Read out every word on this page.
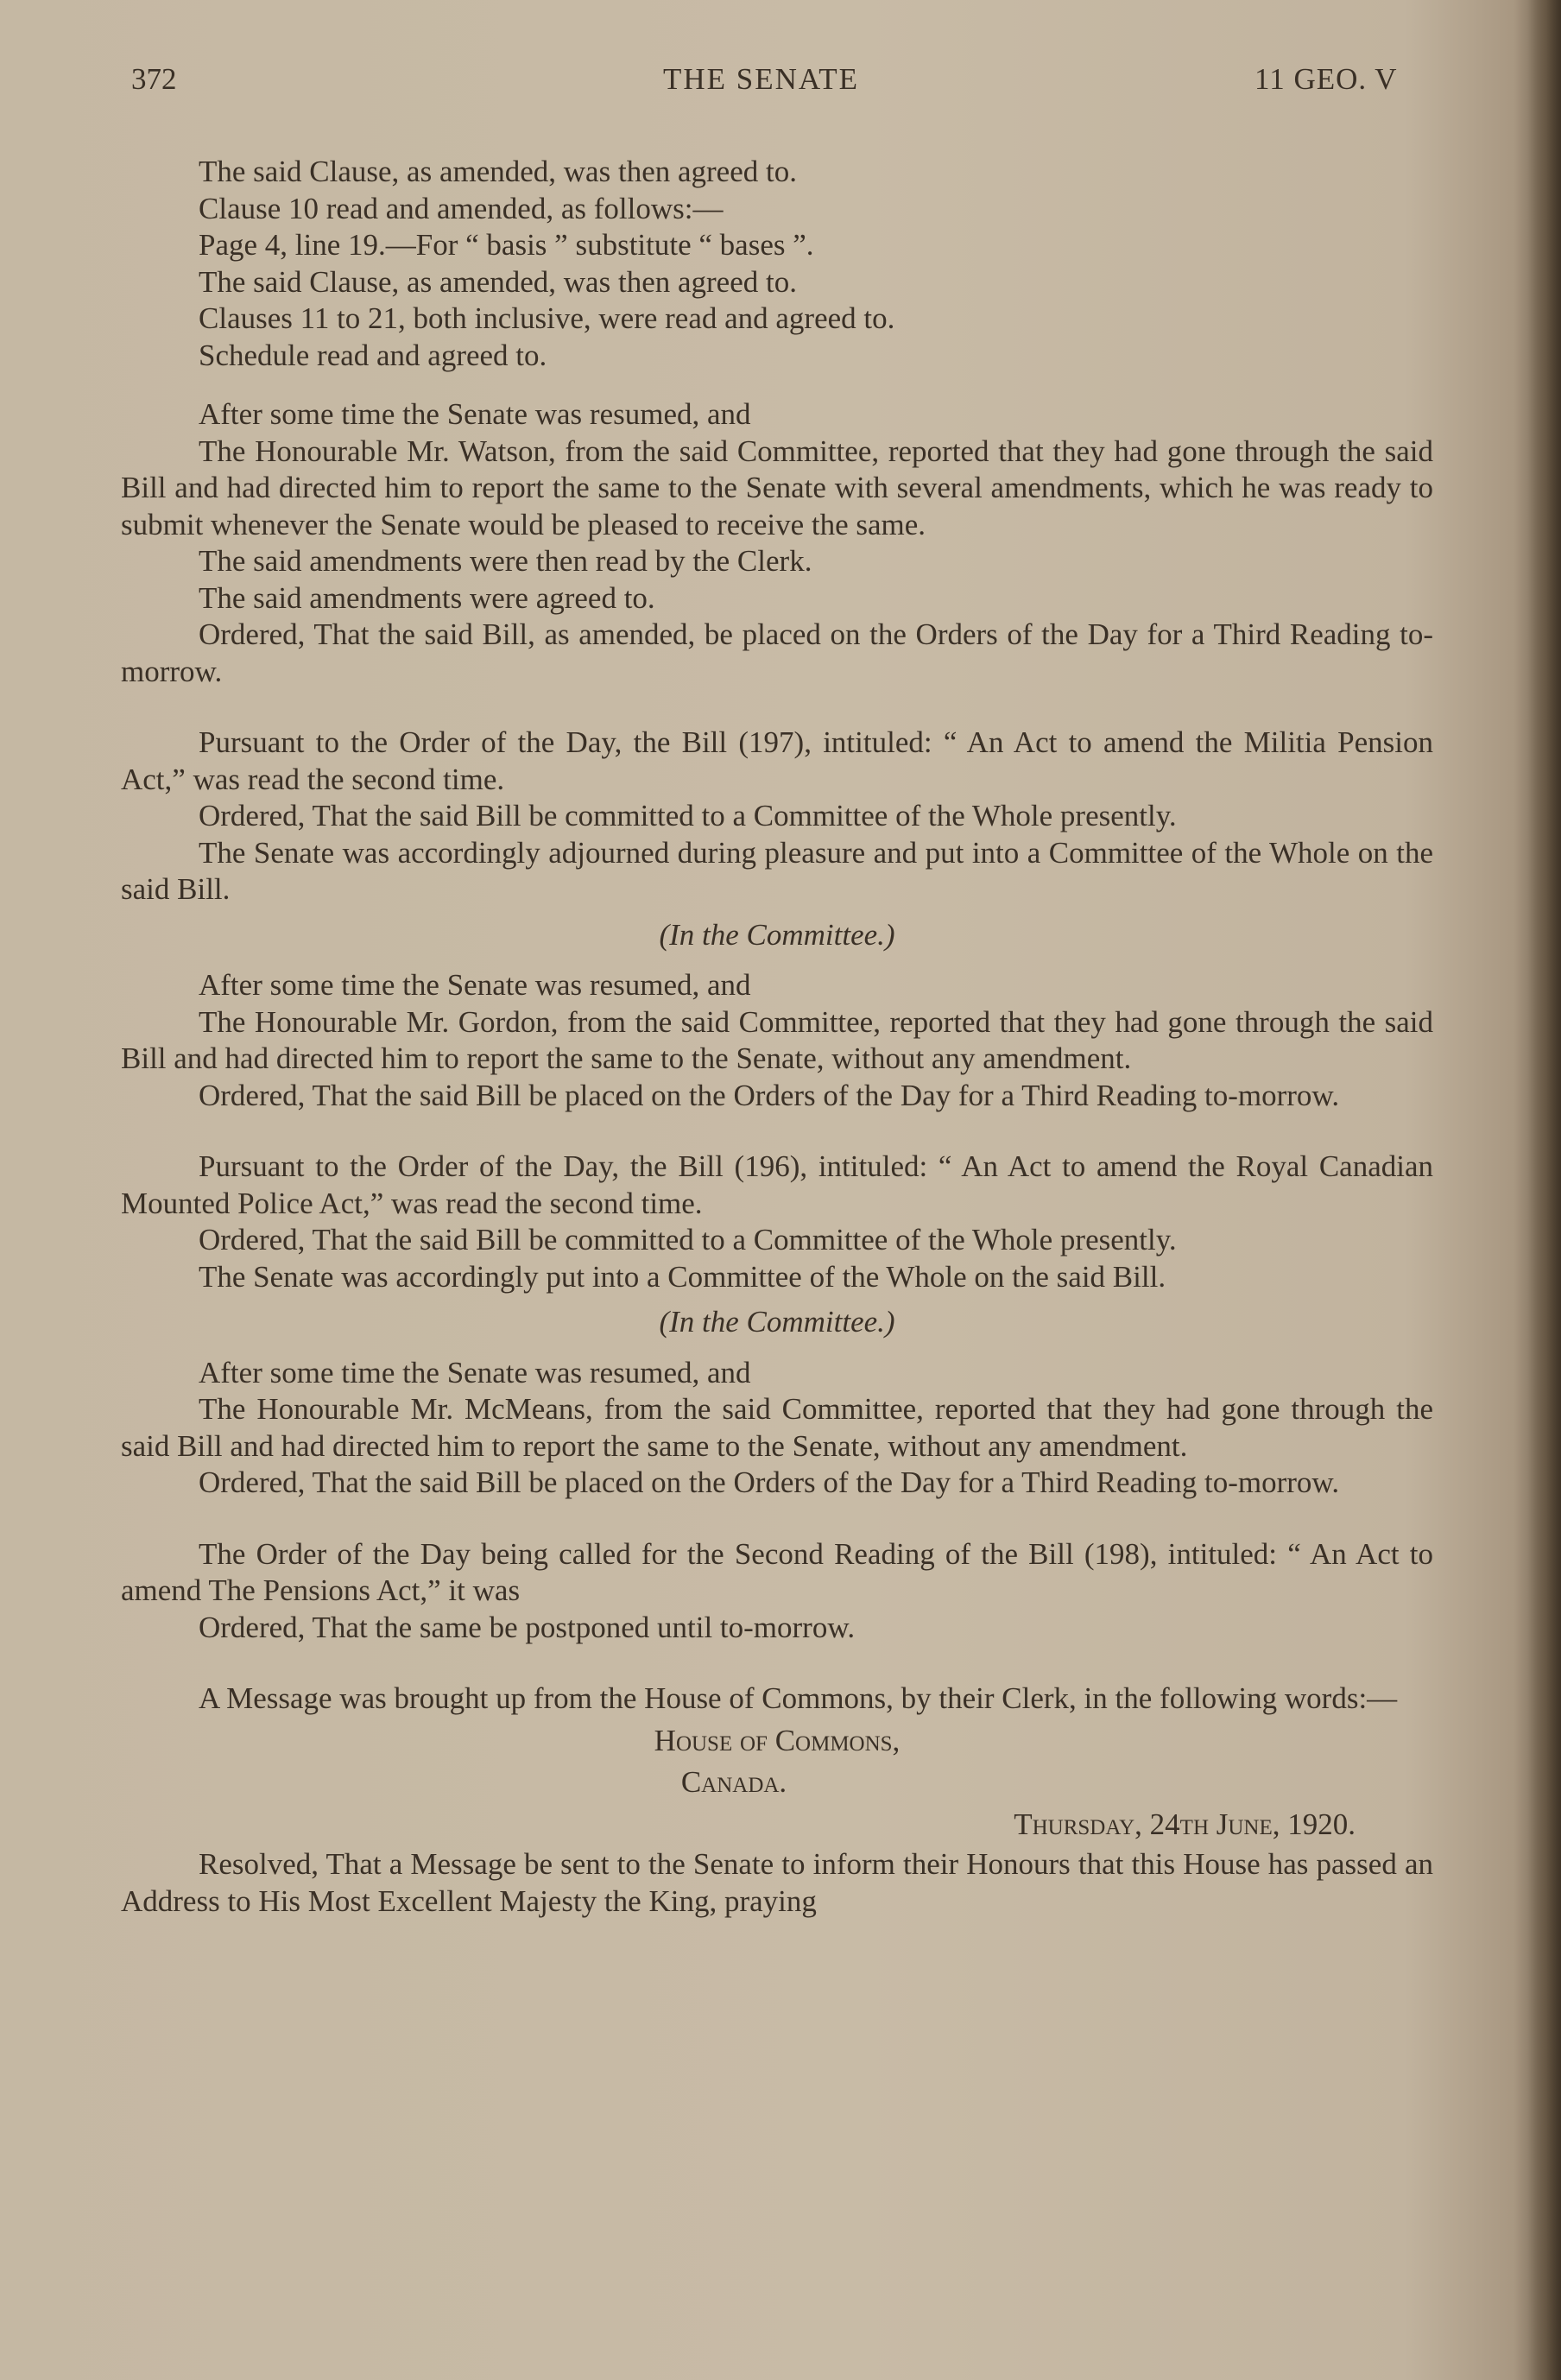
372	THE SENATE	11 GEO. V

The said Clause, as amended, was then agreed to.

Clause 10 read and amended, as follows:—

Page 4, line 19.—For “ basis ” substitute “ bases ”.

The said Clause, as amended, was then agreed to.

Clauses 11 to 21, both inclusive, were read and agreed to.

Schedule read and agreed to.

After some time the Senate was resumed, and

The Honourable Mr. Watson, from the said Committee, reported that they had gone through the said Bill and had directed him to report the same to the Senate with several amendments, which he was ready to submit whenever the Senate would be pleased to receive the same.

The said amendments were then read by the Clerk.

The said amendments were agreed to.

Ordered, That the said Bill, as amended, be placed on the Orders of the Day for a Third Reading to-morrow.

Pursuant to the Order of the Day, the Bill (197), intituled: “ An Act to amend the Militia Pension Act,” was read the second time.

Ordered, That the said Bill be committed to a Committee of the Whole presently.

The Senate was accordingly adjourned during pleasure and put into a Committee of the Whole on the said Bill.

(In the Committee.)

After some time the Senate was resumed, and

The Honourable Mr. Gordon, from the said Committee, reported that they had gone through the said Bill and had directed him to report the same to the Senate, without any amendment.

Ordered, That the said Bill be placed on the Orders of the Day for a Third Reading to-morrow.

Pursuant to the Order of the Day, the Bill (196), intituled: “ An Act to amend the Royal Canadian Mounted Police Act,” was read the second time.

Ordered, That the said Bill be committed to a Committee of the Whole presently.

The Senate was accordingly put into a Committee of the Whole on the said Bill.

(In the Committee.)

After some time the Senate was resumed, and

The Honourable Mr. McMeans, from the said Committee, reported that they had gone through the said Bill and had directed him to report the same to the Senate, without any amendment.

Ordered, That the said Bill be placed on the Orders of the Day for a Third Reading to-morrow.

The Order of the Day being called for the Second Reading of the Bill (198), intituled: “ An Act to amend The Pensions Act,” it was

Ordered, That the same be postponed until to-morrow.

A Message was brought up from the House of Commons, by their Clerk, in the following words:—

House of Commons,

Canada.

Thursday, 24th June, 1920.

Resolved, That a Message be sent to the Senate to inform their Honours that this House has passed an Address to His Most Excellent Majesty the King, praying
